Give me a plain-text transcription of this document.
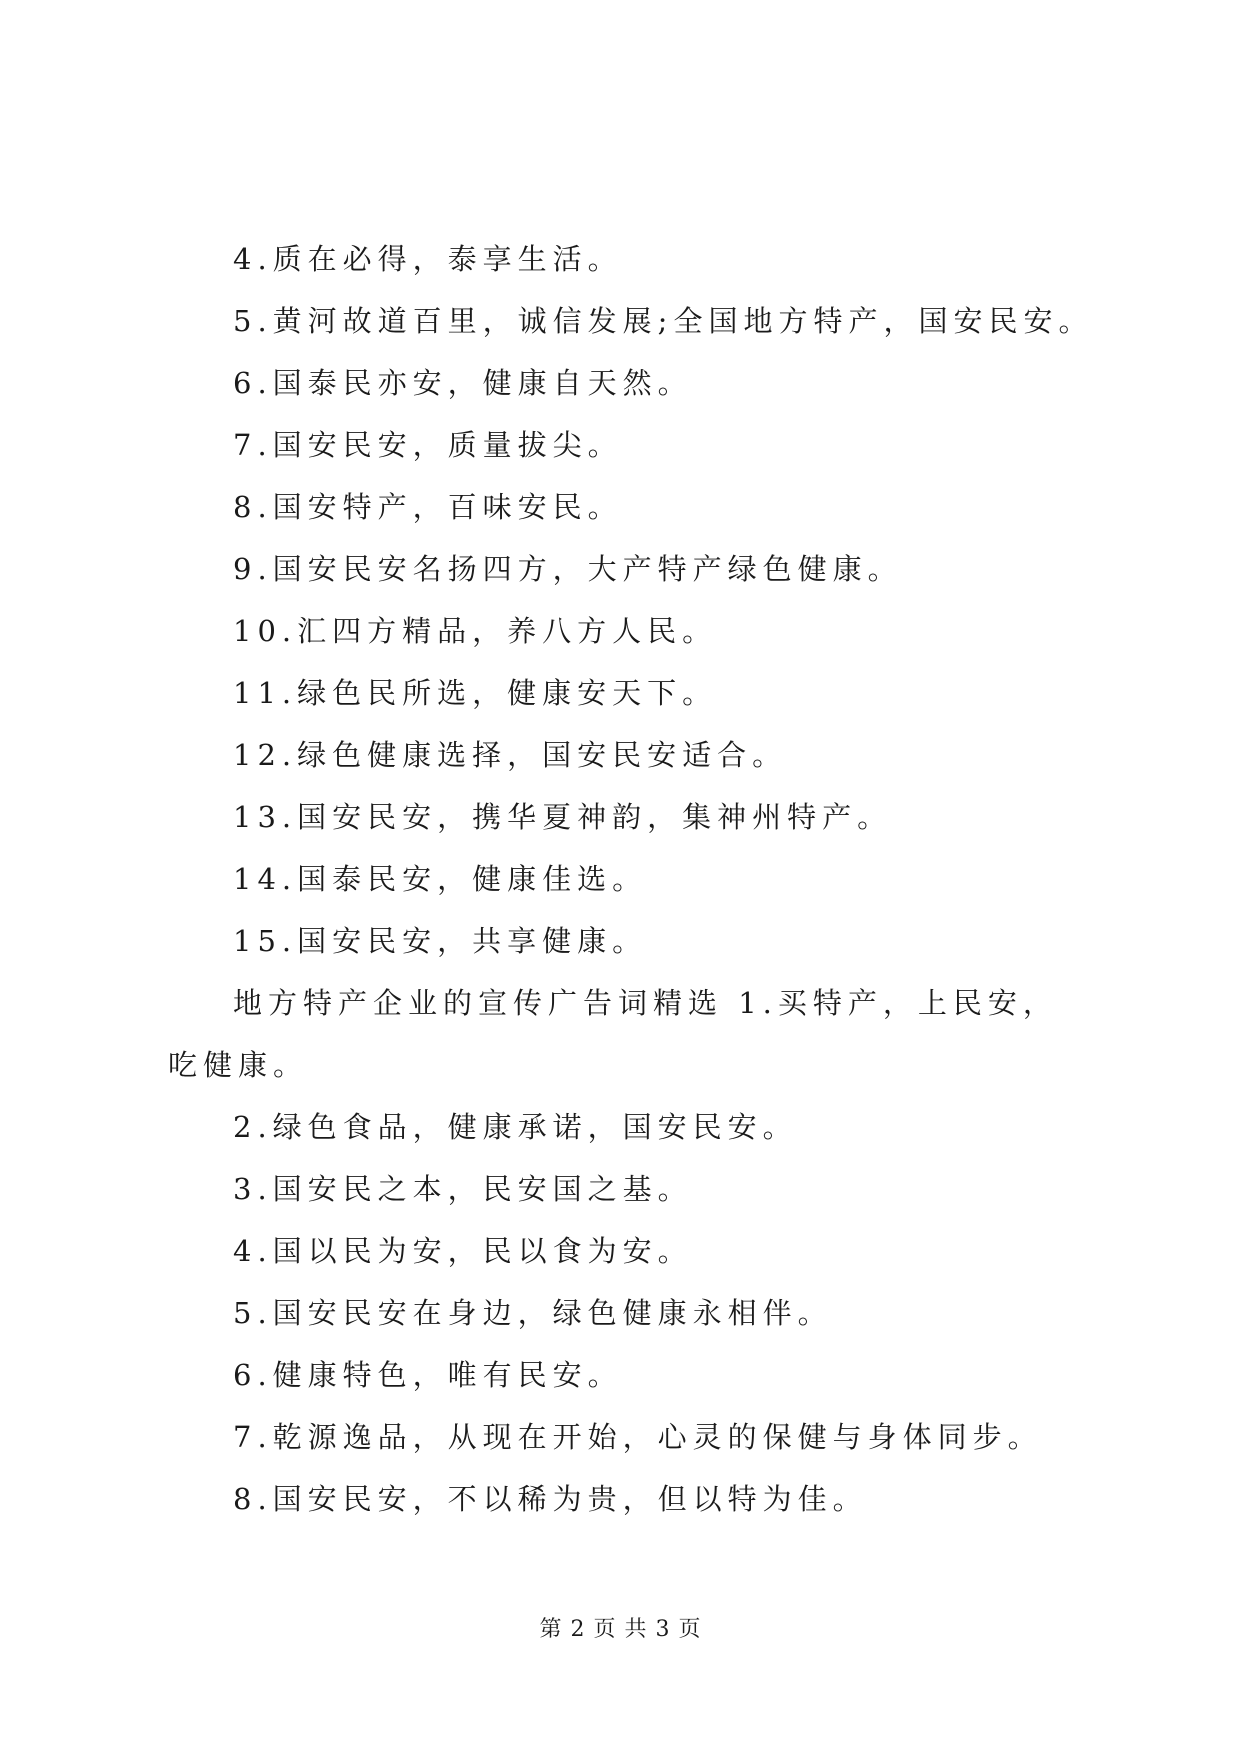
4.质在必得，泰享生活。
5.黄河故道百里，诚信发展;全国地方特产，国安民安。
6.国泰民亦安，健康自天然。
7.国安民安，质量拔尖。
8.国安特产，百味安民。
9.国安民安名扬四方，大产特产绿色健康。
10.汇四方精品，养八方人民。
11.绿色民所选，健康安天下。
12.绿色健康选择，国安民安适合。
13.国安民安，携华夏神韵，集神州特产。
14.国泰民安，健康佳选。
15.国安民安，共享健康。
地方特产企业的宣传广告词精选 1.买特产，上民安，吃健康。
2.绿色食品，健康承诺，国安民安。
3.国安民之本，民安国之基。
4.国以民为安，民以食为安。
5.国安民安在身边，绿色健康永相伴。
6.健康特色，唯有民安。
7.乾源逸品，从现在开始，心灵的保健与身体同步。
8.国安民安，不以稀为贵，但以特为佳。
第 2 页 共 3 页
